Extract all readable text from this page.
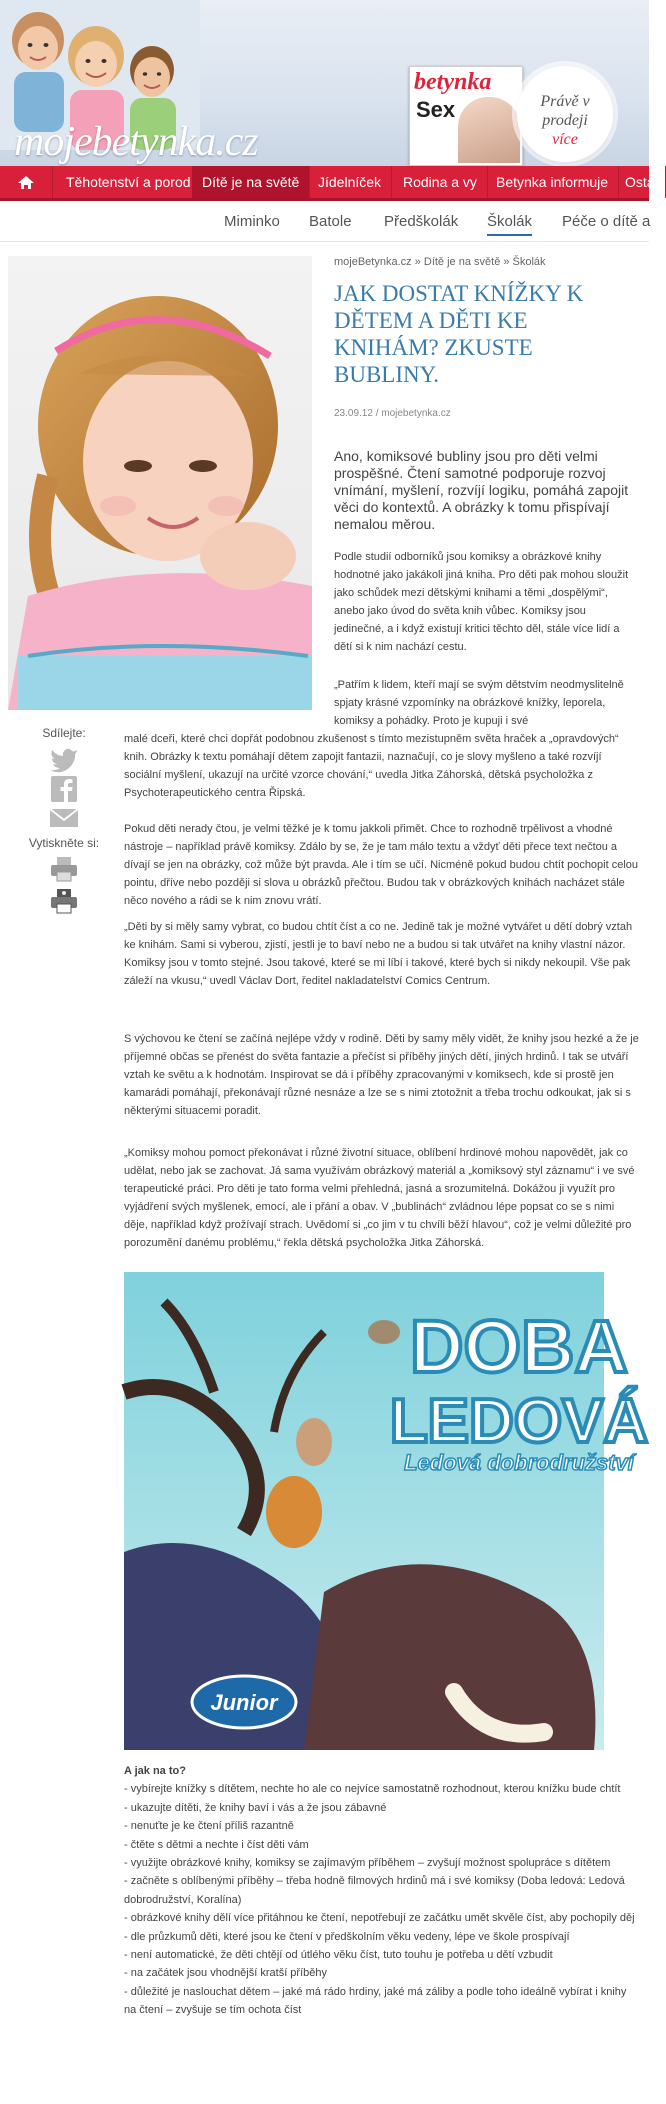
mojebetynka.cz
betynka
Sex	Právě v prodeji
více
Těhotenství a porod Dítě je na světě	Jídelníček	Rodina a vy	Betynka informuje	Osta
Miminko Batole Předškolák Školák Péče o dítě a
mojeBetynka.cz » Dítě je na světě » Školák
JAK DOSTAT KNÍŽKY K DĚTEM A DĚTI KE KNIHÁM? ZKUSTE BUBLINY.
23.09.12 / mojebetynka.cz
Ano, komiksové bubliny jsou pro děti velmi prospěšné. Čtení samotné podporuje rozvoj vnímání, myšlení, rozvíjí logiku, pomáhá zapojit věci do kontextů. A obrázky k tomu přispívají nemalou měrou.

Podle studií odborníků jsou komiksy a obrázkové knihy hodnotné jako jakákoli jiná kniha. Pro děti pak mohou sloužit jako schůdek mezi dětskými knihami a těmi „dospělými“, anebo jako úvod do světa knih vůbec. Komiksy jsou jedinečné, a i když existují kritici těchto děl, stále více lidí a dětí si k nim nachází cestu.

„Patřím k lidem, kteří mají se svým dětstvím neodmyslitelně spjaty krásné vzpomínky na obrázkové knížky, leporela, komiksy a pohádky. Proto je kupuji i své

malé dceři, které chci dopřát podobnou zkušenost s tímto mezistupněm světa hraček a „opravdových“ knih. Obrázky k textu pomáhají dětem zapojit fantazii, naznačují, co je slovy myšleno a také rozvíjí sociální myšlení, ukazují na určité vzorce chování,“ uvedla Jitka Záhorská, dětská psycholožka z Psychoterapeutického centra Řipská.

Sdílejte:
Vytiskněte si:

Pokud děti nerady čtou, je velmi těžké je k tomu jakkoli přimět. Chce to rozhodně trpělivost a vhodné nástroje – například právě komiksy. Zdálo by se, že je tam málo textu a vždyť děti přece text nečtou a dívají se jen na obrázky, což může být pravda. Ale i tím se učí. Nicméně pokud budou chtít pochopit celou pointu, dříve nebo později si slova u obrázků přečtou. Budou tak v obrázkových knihách nacházet stále něco nového a rádi se k nim znovu vrátí.

„Děti by si měly samy vybrat, co budou chtít číst a co ne. Jedině tak je možné vytvářet u dětí dobrý vztah ke knihám. Sami si vyberou, zjistí, jestli je to baví nebo ne a budou si tak utvářet na knihy vlastní názor. Komiksy jsou v tomto stejné. Jsou takové, které se mi líbí i takové, které bych si nikdy nekoupil. Vše pak záleží na vkusu,“ uvedl Václav Dort, ředitel nakladatelství Comics Centrum.

S výchovou ke čtení se začíná nejlépe vždy v rodině. Děti by samy měly vidět, že knihy jsou hezké a že je příjemné občas se přenést do světa fantazie a přečíst si příběhy jiných dětí, jiných hrdinů. I tak se utváří vztah ke světu a k hodnotám. Inspirovat se dá i příběhy zpracovanými v komiksech, kde si prostě jen kamarádi pomáhají, překonávají různé nesnáze a lze se s nimi ztotožnit a třeba trochu odkoukat, jak si s některými situacemi poradit.

„Komiksy mohou pomoct překonávat i různé životní situace, oblíbení hrdinové mohou napovědět, jak co udělat, nebo jak se zachovat. Já sama využívám obrázkový materiál a „komiksový styl záznamu“ i ve své terapeutické práci. Pro děti je tato forma velmi přehledná, jasná a srozumitelná. Dokážou ji využít pro vyjádření svých myšlenek, emocí, ale i přání a obav. V „bublinách“ zvládnou lépe popsat co se s nimi děje, například když prožívají strach. Uvědomí si „co jim v tu chvíli běží hlavou“, což je velmi důležité pro porozumění danému problému,“ řekla dětská psycholožka Jitka Záhorská.

DOBA
LEDOVÁ
Ledová dobrodružství
Junior
A jak na to?
- vybírejte knížky s dítětem, nechte ho ale co nejvíce samostatně rozhodnout, kterou knížku bude chtít
- ukazujte dítěti, že knihy baví i vás a že jsou zábavné
- nenuťte je ke čtení příliš razantně
- čtěte s dětmi a nechte i číst děti vám
- využijte obrázkové knihy, komiksy se zajímavým příběhem – zvyšují možnost spolupráce s dítětem
- začněte s oblíbenými příběhy – třeba hodně filmových hrdinů má i své komiksy (Doba ledová: Ledová dobrodružství, Koralína)
- obrázkové knihy dělí více přitáhnou ke čtení, nepotřebují ze začátku umět skvěle číst, aby pochopily děj
- dle průzkumů děti, které jsou ke čtení v předškolním věku vedeny, lépe ve škole prospívají
- není automatické, že děti chtějí od útlého věku číst, tuto touhu je potřeba u dětí vzbudit
- na začátek jsou vhodnější kratší příběhy
- důležité je naslouchat dětem – jaké má rádo hrdiny, jaké má záliby a podle toho ideálně vybírat i knihy na čtení – zvyšuje se tím ochota číst
